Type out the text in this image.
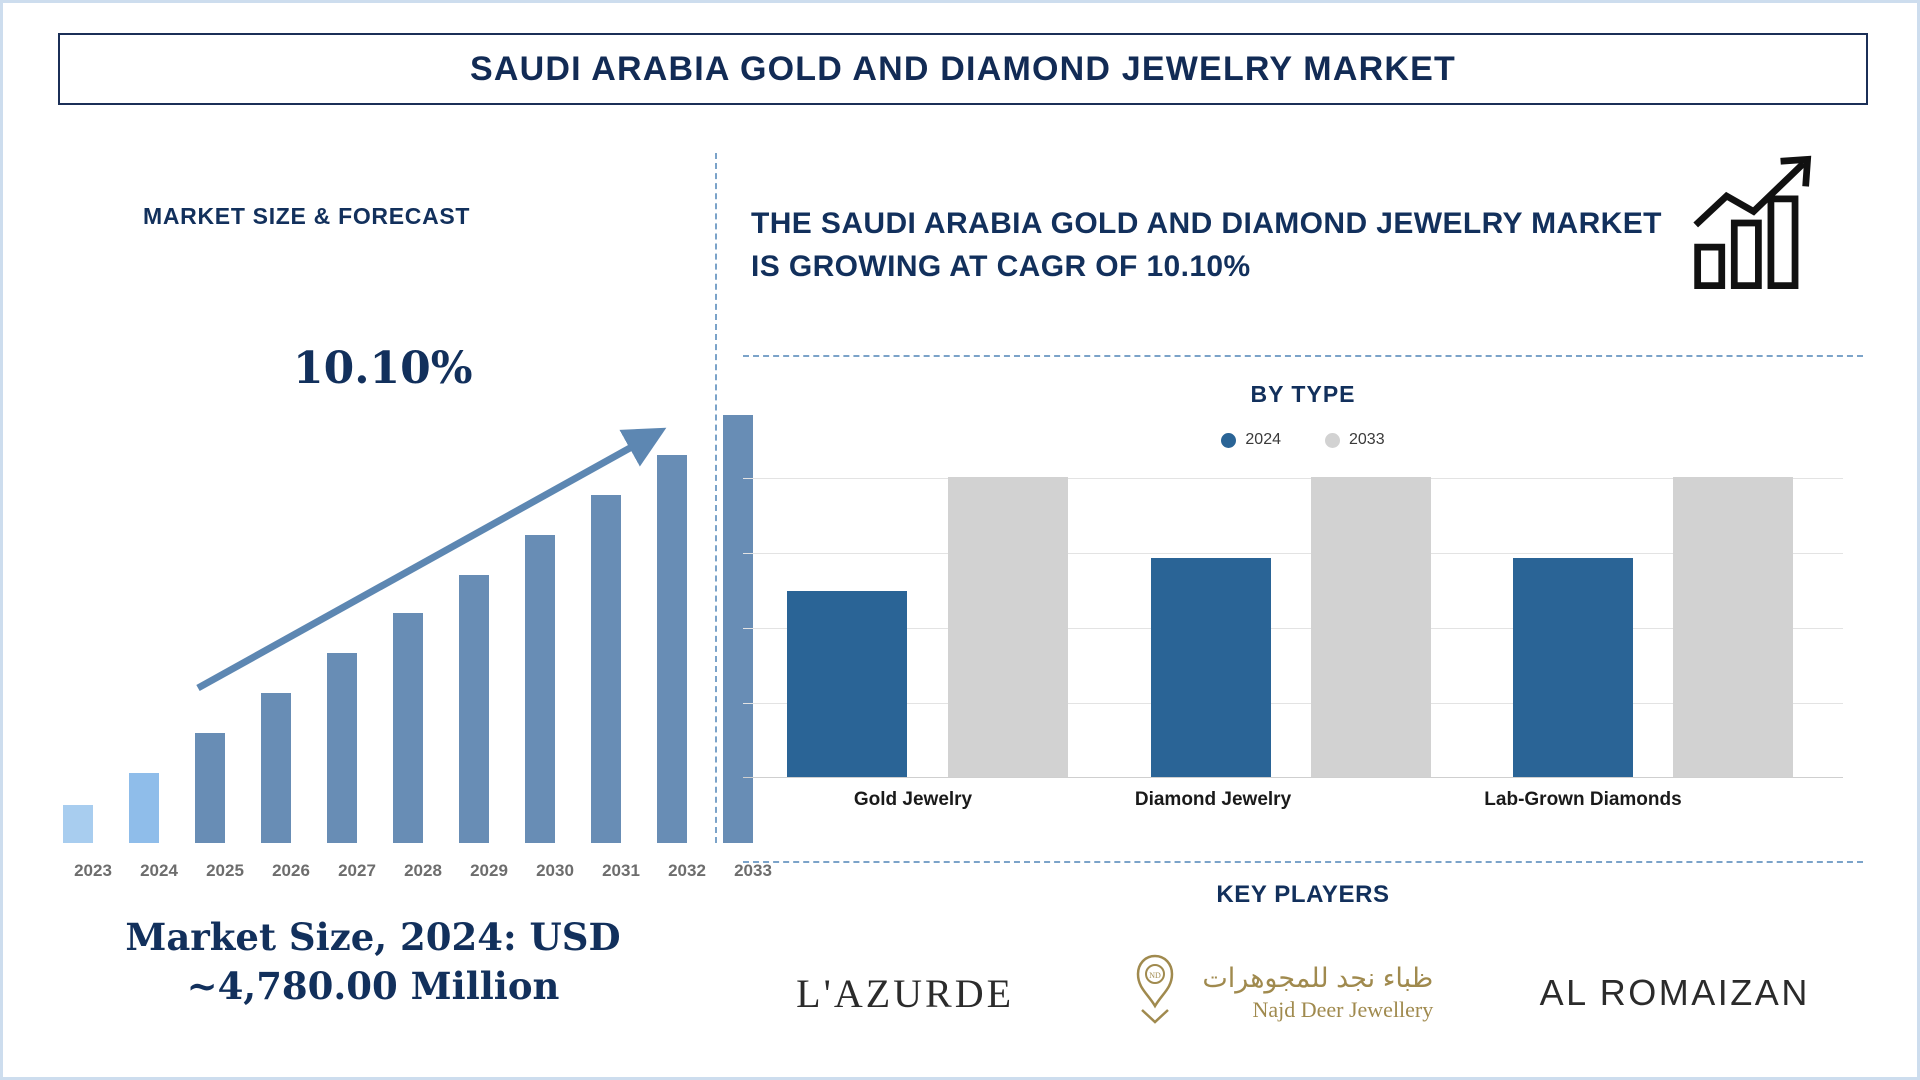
SAUDI ARABIA GOLD AND DIAMOND JEWELRY MARKET
MARKET SIZE & FORECAST
10.10%
2023	2024	2025	2026	2027	2028	2029	2030	2031	2032	2033
Market Size, 2024: USD ~4,780.00 Million
THE SAUDI ARABIA GOLD AND DIAMOND JEWELRY MARKET IS GROWING AT CAGR OF 10.10%
BY TYPE
2024	2033
Gold Jewelry	Diamond Jewelry	Lab-Grown Diamonds
KEY PLAYERS
L'AZURDE	ND ظباء نجد للمجوهرات
Najd Deer Jewellery	AL ROMAIZAN
